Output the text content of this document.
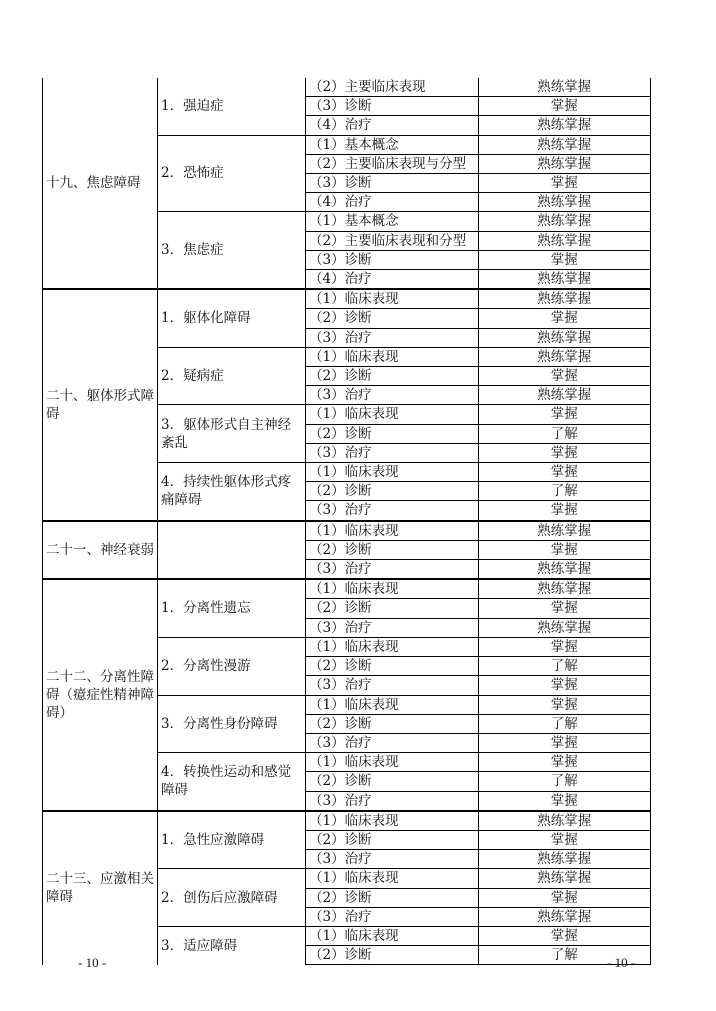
十九、焦虑障碍	1．强迫症	（2）主要临床表现	熟练掌握
		（3）诊断	掌握
		（4）治疗	熟练掌握
	2．恐怖症	（1）基本概念	熟练掌握
		（2）主要临床表现与分型	熟练掌握
		（3）诊断	掌握
		（4）治疗	熟练掌握
	3．焦虑症	（1）基本概念	熟练掌握
		（2）主要临床表现和分型	熟练掌握
		（3）诊断	掌握
		（4）治疗	熟练掌握
二十、躯体形式障碍	1．躯体化障碍	（1）临床表现	熟练掌握
		（2）诊断	掌握
		（3）治疗	熟练掌握
	2．疑病症	（1）临床表现	熟练掌握
		（2）诊断	掌握
		（3）治疗	熟练掌握
	3．躯体形式自主神经紊乱	（1）临床表现	掌握
		（2）诊断	了解
		（3）治疗	掌握
	4．持续性躯体形式疼痛障碍	（1）临床表现	掌握
		（2）诊断	了解
		（3）治疗	掌握
二十一、神经衰弱		（1）临床表现	熟练掌握
		（2）诊断	掌握
		（3）治疗	熟练掌握
二十二、分离性障碍（癔症性精神障碍）	1．分离性遗忘	（1）临床表现	熟练掌握
		（2）诊断	掌握
		（3）治疗	熟练掌握
	2．分离性漫游	（1）临床表现	掌握
		（2）诊断	了解
		（3）治疗	掌握
	3．分离性身份障碍	（1）临床表现	掌握
		（2）诊断	了解
		（3）治疗	掌握
	4．转换性运动和感觉障碍	（1）临床表现	掌握
		（2）诊断	了解
		（3）治疗	掌握
二十三、应激相关障碍	1．急性应激障碍	（1）临床表现	熟练掌握
		（2）诊断	掌握
		（3）治疗	熟练掌握
	2．创伤后应激障碍	（1）临床表现	熟练掌握
		（2）诊断	掌握
		（3）治疗	熟练掌握
	3．适应障碍	（1）临床表现	掌握
		（2）诊断	了解
- 10 -	- 10 -
